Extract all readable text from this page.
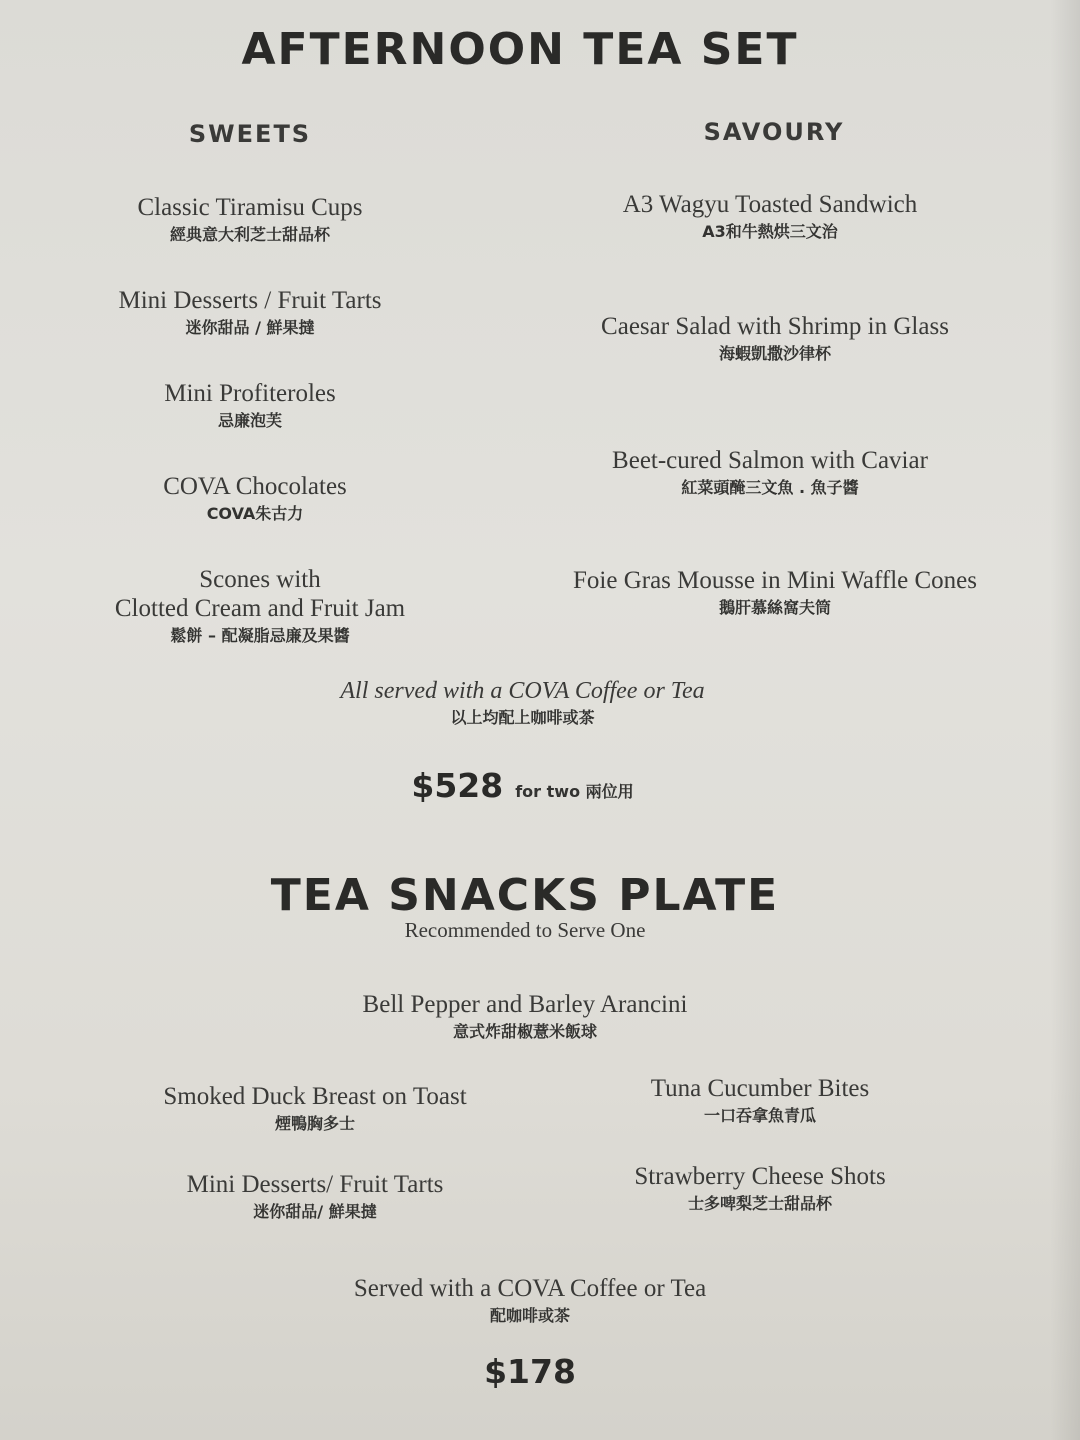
AFTERNOON TEA SET
SWEETS	SAVOURY
Classic Tiramisu Cups
經典意大利芝士甜品杯
Mini Desserts / Fruit Tarts
迷你甜品 / 鮮果撻
Mini Profiteroles
忌廉泡芙
COVA Chocolates
COVA朱古力
Scones with
Clotted Cream and Fruit Jam
鬆餅 – 配凝脂忌廉及果醬
A3 Wagyu Toasted Sandwich
A3和牛熱烘三文治
Caesar Salad with Shrimp in Glass
海蝦凱撒沙律杯
Beet-cured Salmon with Caviar
紅菜頭醃三文魚 . 魚子醬
Foie Gras Mousse in Mini Waffle Cones
鵝肝慕絲窩夫筒
All served with a COVA Coffee or Tea
以上均配上咖啡或茶
$528 for two 兩位用
TEA SNACKS PLATE
Recommended to Serve One
Bell Pepper and Barley Arancini
意式炸甜椒薏米飯球
Smoked Duck Breast on Toast
煙鴨胸多士
Mini Desserts/ Fruit Tarts
迷你甜品/ 鮮果撻
Tuna Cucumber Bites
一口吞拿魚青瓜
Strawberry Cheese Shots
士多啤梨芝士甜品杯
Served with a COVA Coffee or Tea
配咖啡或茶
$178
